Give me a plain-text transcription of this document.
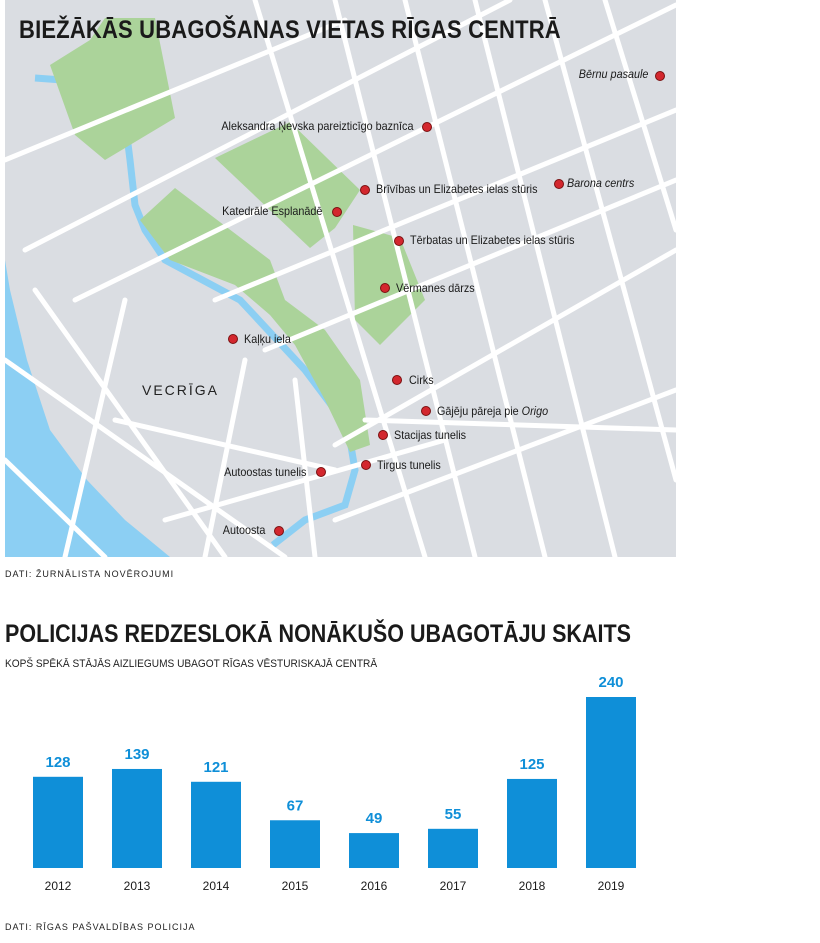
BIEŽĀKĀS UBAGOŠANAS VIETAS RĪGAS CENTRĀ
VECRĪGA
Bērnu pasaule
Aleksandra Ņevska pareizticīgo baznīca
Brīvības un Elizabetes ielas stūris Barona centrs
Katedrāle Esplanādē
Tērbatas un Elizabetes ielas stūris
Vērmanes dārzs
Kaļķu iela
Cirks
Gājēju pāreja pie Origo
Stacijas tunelis
Autoostas tunelis	Tirgus tunelis
Autoosta
DATI: ŽURNĀLISTA NOVĒROJUMI
POLICIJAS REDZESLOKĀ NONĀKUŠO UBAGOTĀJU SKAITS
KOPŠ SPĒKĀ STĀJĀS AIZLIEGUMS UBAGOT RĪGAS VĒSTURISKAJĀ CENTRĀ
128
2012
139
2013
121
2014
67
2015
49
2016
55
2017
125
2018
240
2019
DATI: RĪGAS PAŠVALDĪBAS POLICIJA
